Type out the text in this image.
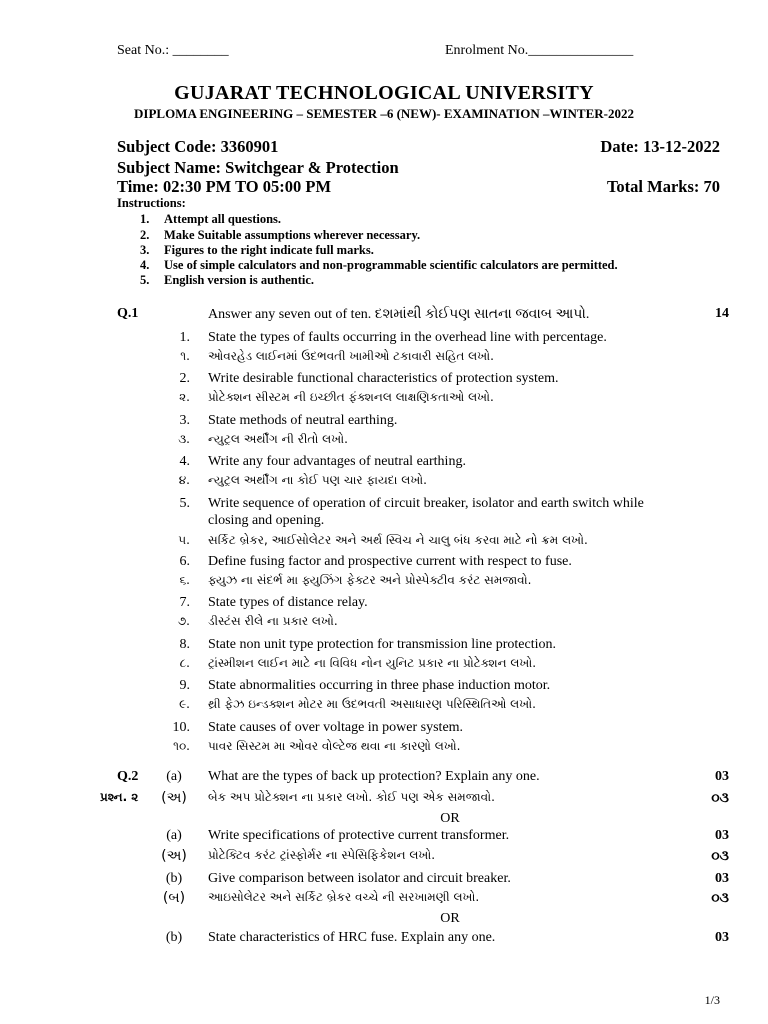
Seat No.: ________	Enrolment No._______________
GUJARAT TECHNOLOGICAL UNIVERSITY
DIPLOMA ENGINEERING – SEMESTER –6 (NEW)- EXAMINATION –WINTER-2022
Subject Code: 3360901	Date: 13-12-2022
Subject Name: Switchgear & Protection
Time: 02:30 PM TO 05:00 PM	Total Marks: 70
Instructions:
1. Attempt all questions.
2. Make Suitable assumptions wherever necessary.
3. Figures to the right indicate full marks.
4. Use of simple calculators and non-programmable scientific calculators are permitted.
5. English version is authentic.
Q.1	Answer any seven out of ten. દશમાંથી કોઈપણ સાતના જવાબ આપો.	14
1. State the types of faults occurring in the overhead line with percentage.
૧. ઓવરહેડ લાઈનમાં ઉદભવતી ખામીઓ ટકાવારી સહિત લખો.
2. Write desirable functional characteristics of protection system.
૨. પ્રોટેક્શન સીસ્ટમ ની ઇચ્છીત ફંક્શનલ લાક્ષણિકતાઓ લખો.
3. State methods of neutral earthing.
૩. ન્યુટ્રલ અર્થીંગ ની રીતો લખો.
4. Write any four advantages of neutral earthing.
૪. ન્યુટ્રલ અર્થીંગ ના કોઈ પણ ચાર ફાયદા લખો.
5. Write sequence of operation of circuit breaker, isolator and earth switch while
closing and opening.
૫. સર્કિટ બ્રેકર, આઈસોલેટર અને અર્થ સ્વિચ ને ચાલુ બંધ કરવા માટે નો ક્રમ લખો.
6. Define fusing factor and prospective current with respect to fuse.
૬. ફ્યુઝ ના સંદર્ભ મા ફ્યુઝિંગ ફેક્ટર અને પ્રોસ્પેક્ટીવ કરંટ સમજાવો.
7. State types of distance relay.
૭. ડીસ્ટંસ રીલે ના પ્રકાર લખો.
8. State non unit type protection for transmission line protection.
૮. ટ્રાંસ્મીશન લાઈન માટે ના વિવિધ નોન યુનિટ પ્રકાર ના પ્રોટેક્શન લખો.
9. State abnormalities occurring in three phase induction motor.
૯. થ્રી ફેઝ ઇન્ડક્શન મોટર મા ઉદભવતી અસાધારણ પરિસ્થિતિઓ લખો.
10. State causes of over voltage in power system.
૧૦. પાવર સિસ્ટમ મા ઓવર વોલ્ટેજ થવા ના કારણો લખો.
Q.2	(a)	What are the types of back up protection? Explain any one.	03
પ્રશ્ન. ૨ (અ) બેક અપ પ્રોટેક્શન ના પ્રકાર લખો. કોઈ પણ એક સમજાવો.	૦૩
OR
(a)	Write specifications of protective current transformer.	03
(અ) પ્રોટેક્ટિવ કરંટ ટ્રાંસ્ફોર્મર ના સ્પેસિફિકેશન લખો.	૦૩
(b)	Give comparison between isolator and circuit breaker.	03
(બ) આઇસોલેટર અને સર્કિટ બ્રેકર વચ્ચે ની સરખામણી લખો.	૦૩
OR
(b)	State characteristics of HRC fuse. Explain any one.	03
1/3
